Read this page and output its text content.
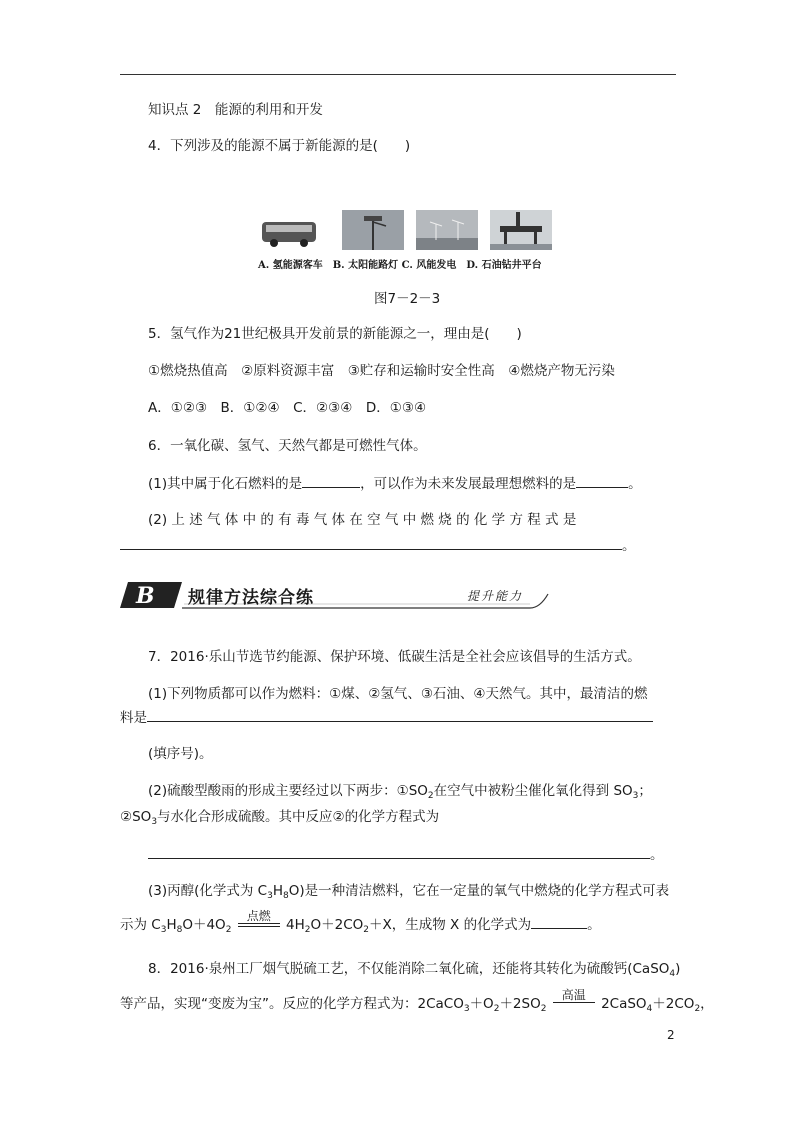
知识点 2　能源的利用和开发
4．下列涉及的能源不属于新能源的是(　　)
A. 氢能源客车　B. 太阳能路灯 C. 风能发电　D. 石油钻井平台
图7－2－3
5．氢气作为21世纪极具开发前景的新能源之一，理由是(　　)
①燃烧热值高　②原料资源丰富　③贮存和运输时安全性高　④燃烧产物无污染
A．①②③　B．①②④　C．②③④　D．①③④
6．一氧化碳、氢气、天然气都是可燃性气体。
(1)其中属于化石燃料的是	，可以作为未来发展最理想燃料的是	。
(2) 上 述 气 体 中 的 有 毒 气 体 在 空 气 中 燃 烧 的 化 学 方 程 式 是
。
B 规律方法综合练	提升能力
7．2016·乐山节选节约能源、保护环境、低碳生活是全社会应该倡导的生活方式。
(1)下列物质都可以作为燃料：①煤、②氢气、③石油、④天然气。其中，最清洁的燃
料是
(填序号)。
(2)硫酸型酸雨的形成主要经过以下两步：$①SO_2$在空气中被粉尘催化氧化得到 $SO_3$；
$②SO_3$与水化合形成硫酸。其中反应②的化学方程式为
。
(3)丙醇(化学式为 $C_3H_8O$)是一种清洁燃料，它在一定量的氧气中燃烧的化学方程式可表
示为 $C_3H_8O+4O_2$
点燃
$4H_2O+2CO_2+X$，生成物 X 的化学式为	。
8．2016·泉州工厂烟气脱硫工艺，不仅能消除二氧化硫，还能将其转化为硫酸钙(CaSO$_4$)
等产品，实现“变废为宝”。反应的化学方程式为：$2CaCO_3+O_2+2SO_2$
高温
$2CaSO_4+2CO_2$，
2
